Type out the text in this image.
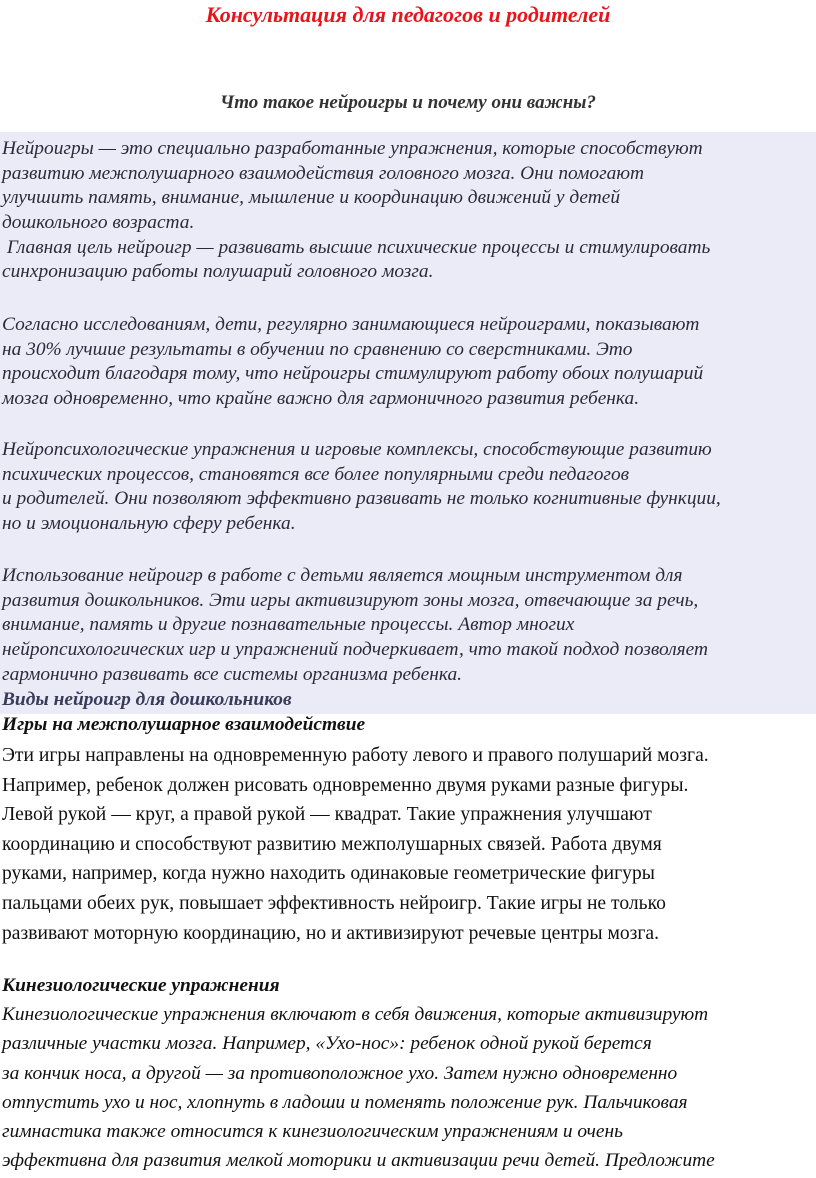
Консультация для педагогов и родителей
Что такое нейроигры и почему они важны?
Нейроигры — это специально разработанные упражнения, которые способствуют
развитию межполушарного взаимодействия головного мозга. Они помогают
улучшить память, внимание, мышление и координацию движений у детей
дошкольного возраста.
Главная цель нейроигр — развивать высшие психические процессы и стимулировать
синхронизацию работы полушарий головного мозга.
Согласно исследованиям, дети, регулярно занимающиеся нейроиграми, показывают
на 30% лучшие результаты в обучении по сравнению со сверстниками. Это
происходит благодаря тому, что нейроигры стимулируют работу обоих полушарий
мозга одновременно, что крайне важно для гармоничного развития ребенка.
Нейропсихологические упражнения и игровые комплексы, способствующие развитию
психических процессов, становятся все более популярными среди педагогов
и родителей. Они позволяют эффективно развивать не только когнитивные функции,
но и эмоциональную сферу ребенка.
Использование нейроигр в работе с детьми является мощным инструментом для
развития дошкольников. Эти игры активизируют зоны мозга, отвечающие за речь,
внимание, память и другие познавательные процессы. Автор многих
нейропсихологических игр и упражнений подчеркивает, что такой подход позволяет
гармонично развивать все системы организма ребенка.
Виды нейроигр для дошкольников
Игры на межполушарное взаимодействие
Эти игры направлены на одновременную работу левого и правого полушарий мозга.
Например, ребенок должен рисовать одновременно двумя руками разные фигуры.
Левой рукой — круг, а правой рукой — квадрат. Такие упражнения улучшают
координацию и способствуют развитию межполушарных связей. Работа двумя
руками, например, когда нужно находить одинаковые геометрические фигуры
пальцами обеих рук, повышает эффективность нейроигр. Такие игры не только
развивают моторную координацию, но и активизируют речевые центры мозга.
Кинезиологические упражнения
Кинезиологические упражнения включают в себя движения, которые активизируют
различные участки мозга. Например, «Ухо-нос»: ребенок одной рукой берется
за кончик носа, а другой — за противоположное ухо. Затем нужно одновременно
отпустить ухо и нос, хлопнуть в ладоши и поменять положение рук. Пальчиковая
гимнастика также относится к кинезиологическим упражнениям и очень
эффективна для развития мелкой моторики и активизации речи детей. Предложите
